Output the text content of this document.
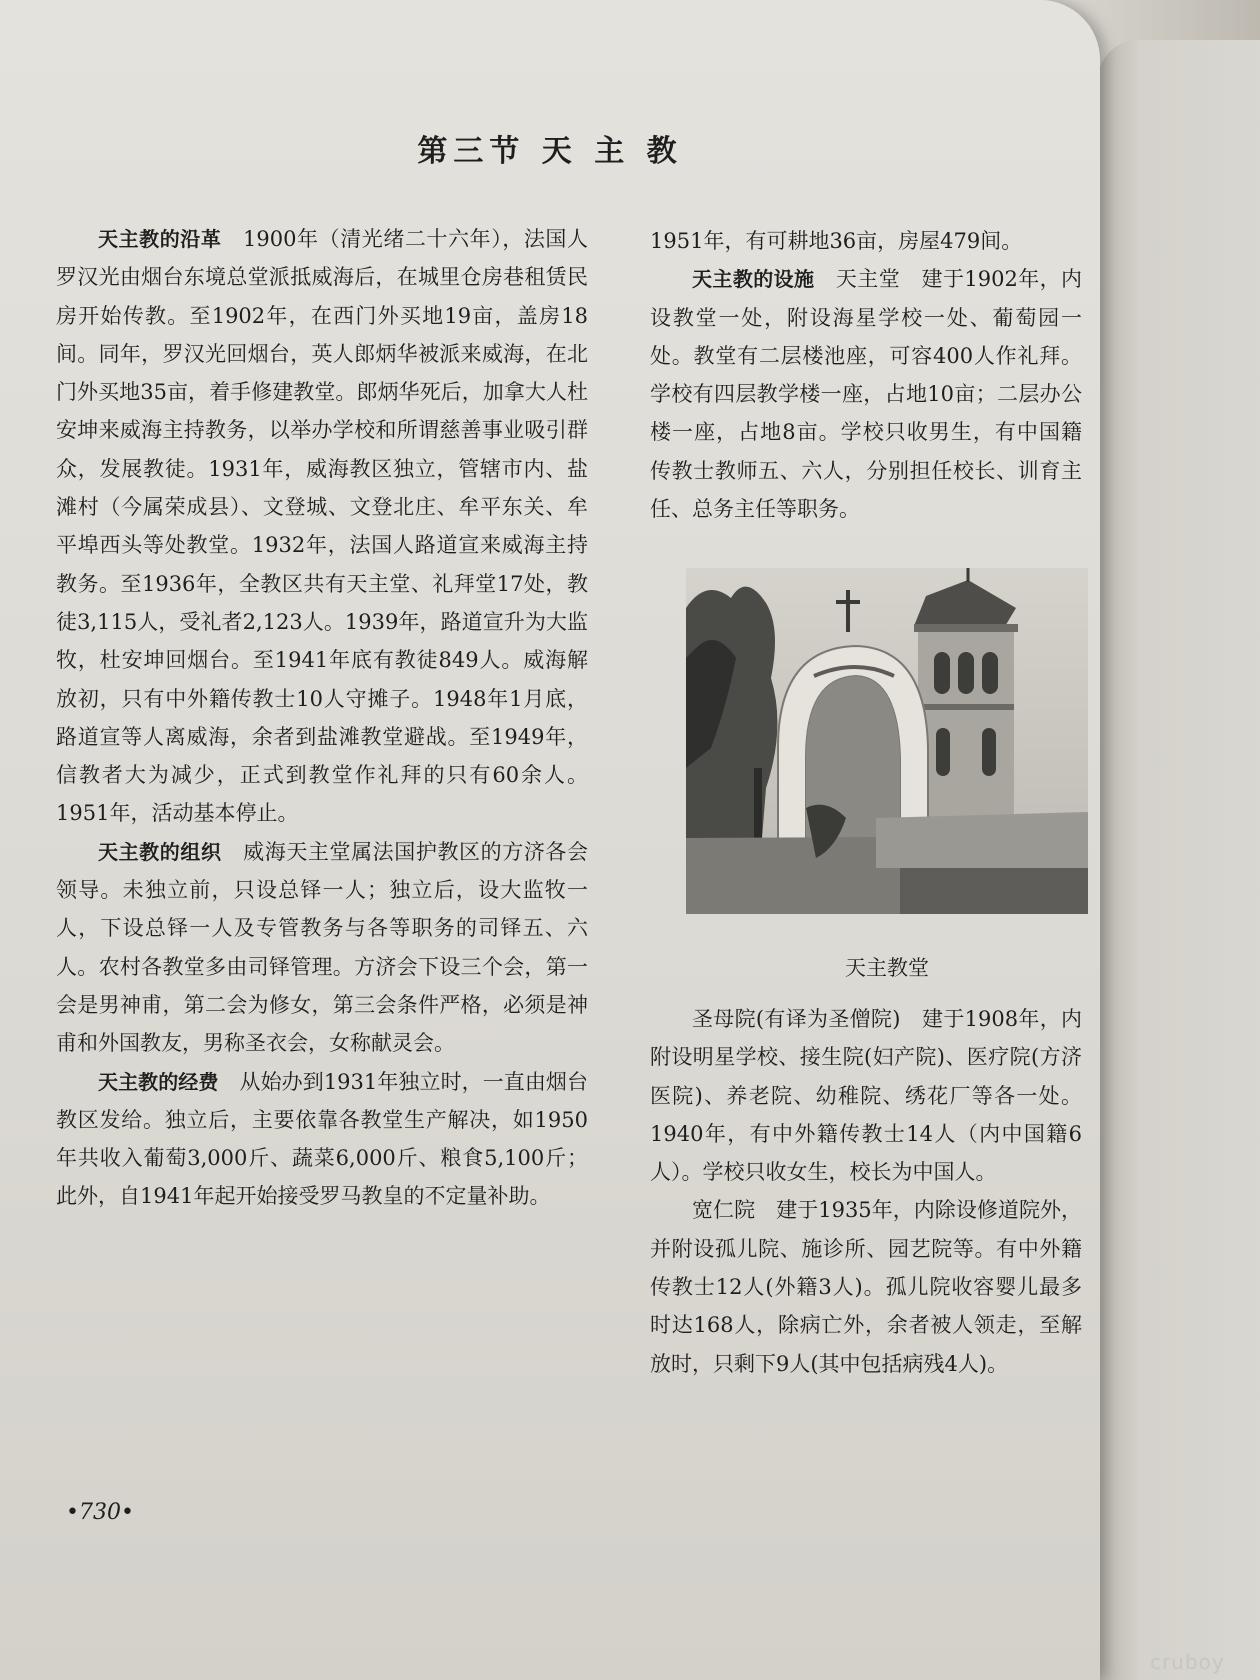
第三节 天 主 教

天主教的沿革　 1900年（清光绪二十六年），法国人罗汉光由烟台东境总堂派抵威海后，在城里仓房巷租赁民房开始传教。至1902年，在西门外买地19亩，盖房18间。同年，罗汉光回烟台，英人郎炳华被派来威海，在北门外买地35亩，着手修建教堂。郎炳华死后，加拿大人杜安坤来威海主持教务，以举办学校和所谓慈善事业吸引群众，发展教徒。1931年，威海教区独立，管辖市内、盐滩村（今属荣成县）、文登城、文登北庄、牟平东关、牟平埠西头等处教堂。1932年，法国人路道宣来威海主持教务。至1936年，全教区共有天主堂、礼拜堂17处，教徒3,115人，受礼者2,123人。1939年，路道宣升为大监牧，杜安坤回烟台。至1941年底有教徒849人。威海解放初，只有中外籍传教士10人守摊子。1948年1月底，路道宣等人离威海，余者到盐滩教堂避战。至1949年，信教者大为减少，正式到教堂作礼拜的只有60余人。1951年，活动基本停止。

天主教的组织　 威海天主堂属法国护教区的方济各会领导。未独立前，只设总铎一人；独立后，设大监牧一人，下设总铎一人及专管教务与各等职务的司铎五、六人。农村各教堂多由司铎管理。方济会下设三个会，第一会是男神甫，第二会为修女，第三会条件严格，必须是神甫和外国教友，男称圣衣会，女称献灵会。

天主教的经费　 从始办到1931年独立时，一直由烟台教区发给。独立后，主要依靠各教堂生产解决，如1950年共收入葡萄3,000斤、蔬菜6,000斤、粮食5,100斤；此外，自1941年起开始接受罗马教皇的不定量补助。

1951年，有可耕地36亩，房屋479间。

天主教的设施　 天主堂　 建于1902年，内设教堂一处，附设海星学校一处、葡萄园一处。教堂有二层楼池座，可容400人作礼拜。学校有四层教学楼一座，占地10亩；二层办公楼一座，占地8亩。学校只收男生，有中国籍传教士教师五、六人，分别担任校长、训育主任、总务主任等职务。

天主教堂

圣母院(有译为圣僧院)　 建于1908年，内附设明星学校、接生院(妇产院)、医疗院(方济医院)、养老院、幼稚院、绣花厂等各一处。1940年，有中外籍传教士14人（内中国籍6人）。学校只收女生，校长为中国人。

宽仁院　 建于1935年，内除设修道院外，并附设孤儿院、施诊所、园艺院等。有中外籍传教士12人(外籍3人)。孤儿院收容婴儿最多时达168人，除病亡外，余者被人领走，至解放时，只剩下9人(其中包括病残4人)。

•730•
cruboy
